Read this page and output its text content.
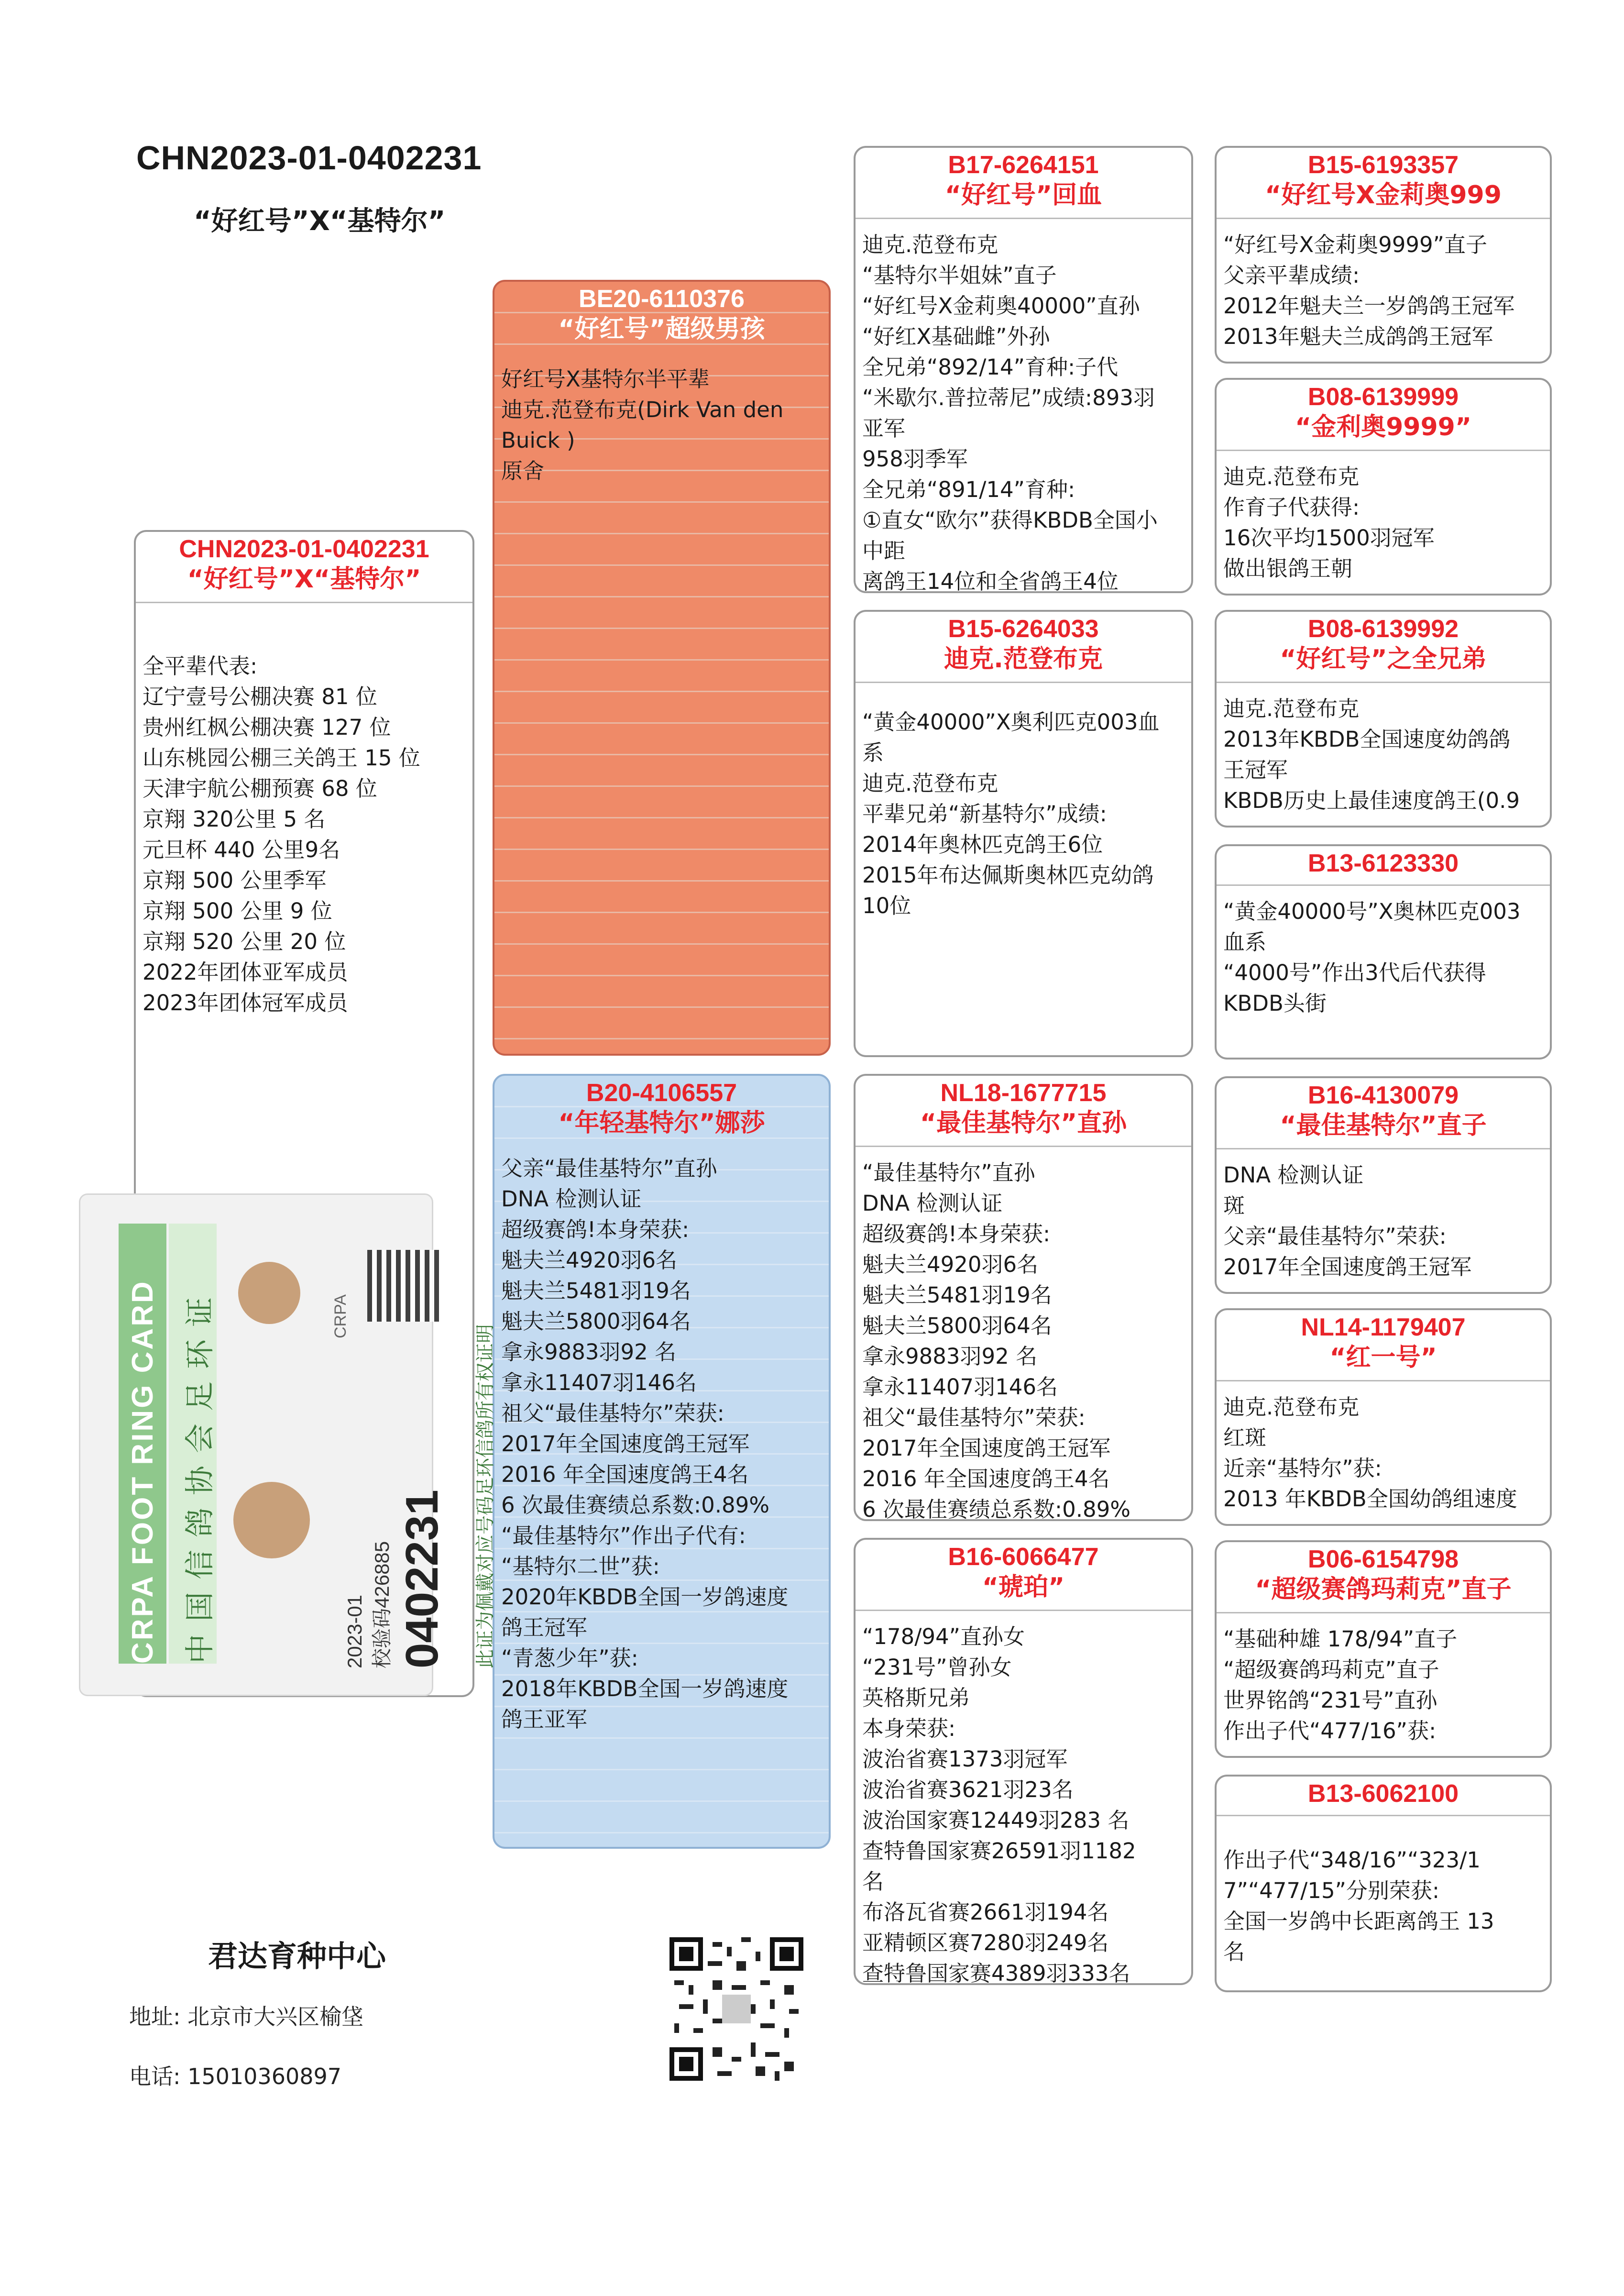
CHN2023-01-0402231
“好红号”X“基特尔”
CHN2023-01-0402231
“好红号”X“基特尔”
全平辈代表:
辽宁壹号公棚决赛 81 位
贵州红枫公棚决赛 127 位
山东桃园公棚三关鸽王 15 位
天津宇航公棚预赛 68 位
京翔 320公里 5 名
元旦杯 440 公里9名
京翔 500 公里季军
京翔 500 公里 9 位
京翔 520 公里 20 位
2022年团体亚军成员
2023年团体冠军成员
BE20-6110376
“好红号”超级男孩
好红号X基特尔半平辈
迪克.范登布克(Dirk Van den
Buick )
原舍
B20-4106557
“年轻基特尔”娜莎
父亲“最佳基特尔”直孙
DNA 检测认证
超级赛鸽!本身荣获:
魁夫兰4920羽6名
魁夫兰5481羽19名
魁夫兰5800羽64名
拿永9883羽92 名
拿永11407羽146名
祖父“最佳基特尔”荣获:
2017年全国速度鸽王冠军
2016 年全国速度鸽王4名
6 次最佳赛绩总系数:0.89%
“最佳基特尔”作出子代有:
“基特尔二世”获:
2020年KBDB全国一岁鸽速度
鸽王冠军
“青葱少年”获:
2018年KBDB全国一岁鸽速度
鸽王亚军
B17-6264151
“好红号”回血
迪克.范登布克
“基特尔半姐妹”直子
“好红号X金莉奥40000”直孙
“好红X基础雌”外孙
全兄弟“892/14”育种:子代
“米歇尔.普拉蒂尼”成绩:893羽
亚军
958羽季军
全兄弟“891/14”育种:
①直女“欧尔”获得KBDB全国小
中距
离鸽王14位和全省鸽王4位
B15-6264033
迪克.范登布克
“黄金40000”X奥利匹克003血
系
迪克.范登布克
平辈兄弟“新基特尔”成绩:
2014年奥林匹克鸽王6位
2015年布达佩斯奥林匹克幼鸽
10位
NL18-1677715
“最佳基特尔”直孙
“最佳基特尔”直孙
DNA 检测认证
超级赛鸽!本身荣获:
魁夫兰4920羽6名
魁夫兰5481羽19名
魁夫兰5800羽64名
拿永9883羽92 名
拿永11407羽146名
祖父“最佳基特尔”荣获:
2017年全国速度鸽王冠军
2016 年全国速度鸽王4名
6 次最佳赛绩总系数:0.89%
B16-6066477
“琥珀”
“178/94”直孙女
“231号”曾孙女
英格斯兄弟
本身荣获:
波治省赛1373羽冠军
波治省赛3621羽23名
波治国家赛12449羽283 名
查特鲁国家赛26591羽1182
名
布洛瓦省赛2661羽194名
亚精顿区赛7280羽249名
查特鲁国家赛4389羽333名
B15-6193357
“好红号X金莉奥999
“好红号X金莉奥9999”直子
父亲平辈成绩:
2012年魁夫兰一岁鸽鸽王冠军
2013年魁夫兰成鸽鸽王冠军
B08-6139999
“金利奥9999”
迪克.范登布克
作育子代获得:
16次平均1500羽冠军
做出银鸽王朝
B08-6139992
“好红号”之全兄弟
迪克.范登布克
2013年KBDB全国速度幼鸽鸽
王冠军
KBDB历史上最佳速度鸽王(0.9
B13-6123330
“黄金40000号”X奥林匹克003
血系
“4000号”作出3代后代获得
KBDB头街
B16-4130079
“最佳基特尔”直子
DNA 检测认证
斑
父亲“最佳基特尔”荣获:
2017年全国速度鸽王冠军
NL14-1179407
“红一号”
迪克.范登布克
红斑
近亲“基特尔”获:
2013 年KBDB全国幼鸽组速度
B06-6154798
“超级赛鸽玛莉克”直子
“基础种雄 178/94”直子
“超级赛鸽玛莉克”直子
世界铭鸽“231号”直孙
作出子代“477/16”获:
B13-6062100
作出子代“348/16”“323/1
7”“477/15”分别荣获:
全国一岁鸽中长距离鸽王 13
名
CRPA FOOT RING CARD 中国信鸽协会足环证	CRPA
2023-01 校验码426885 0402231 此证为佩戴对应号码足环信鸽所有权证明
君达育种中心
地址: 北京市大兴区榆垡
电话: 15010360897
